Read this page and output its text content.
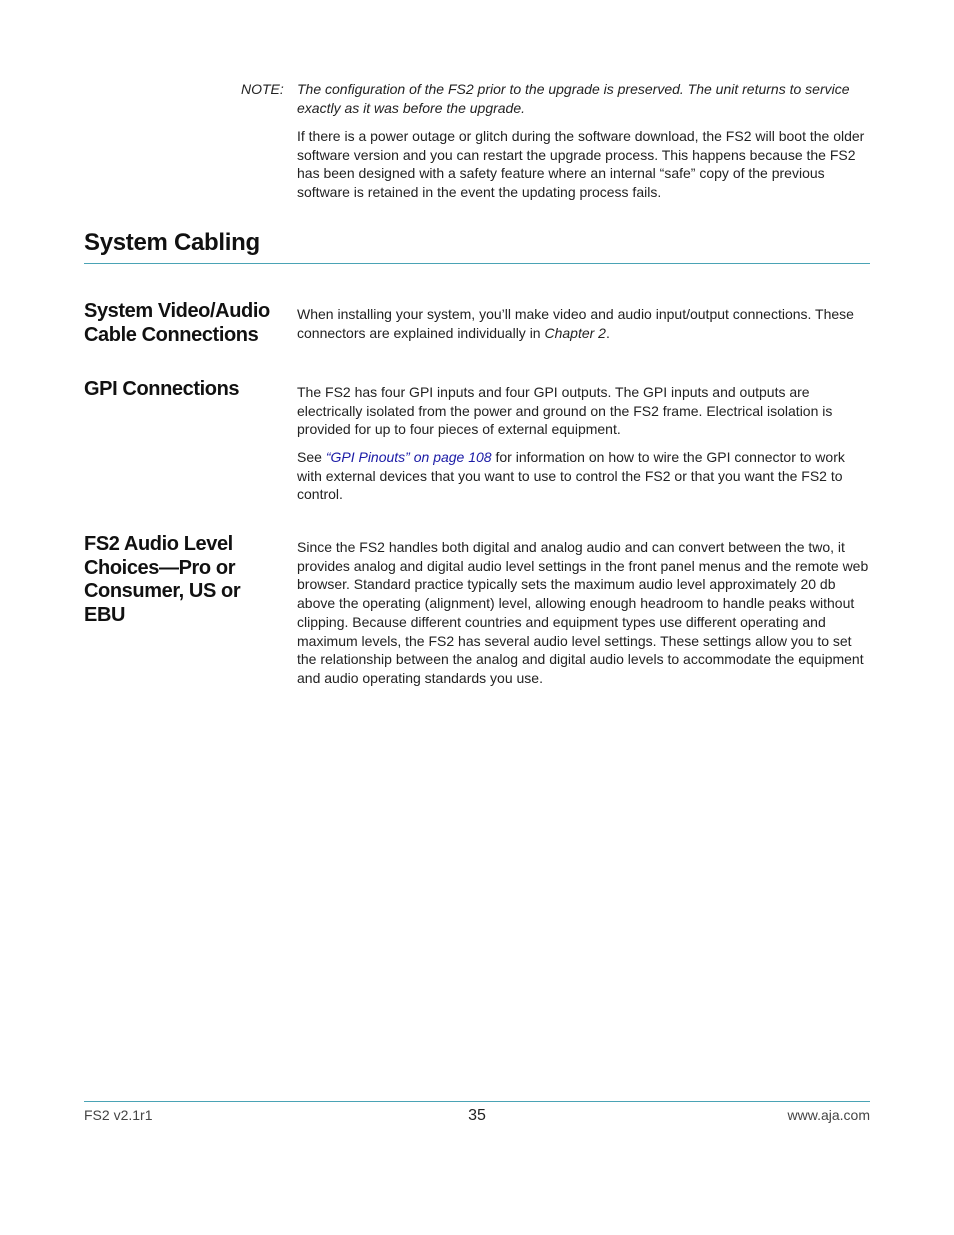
NOTE: The configuration of the FS2 prior to the upgrade is preserved. The unit returns to service exactly as it was before the upgrade.
If there is a power outage or glitch during the software download, the FS2 will boot the older software version and you can restart the upgrade process. This happens because the FS2 has been designed with a safety feature where an internal “safe” copy of the previous software is retained in the event the updating process fails.
System Cabling
System Video/Audio Cable Connections
When installing your system, you’ll make video and audio input/output connections. These connectors are explained individually in Chapter 2.
GPI Connections	The FS2 has four GPI inputs and four GPI outputs. The GPI inputs and outputs are electrically isolated from the power and ground on the FS2 frame. Electrical isolation is provided for up to four pieces of external equipment.
See “GPI Pinouts” on page 108 for information on how to wire the GPI connector to work with external devices that you want to use to control the FS2 or that you want the FS2 to control.
FS2 Audio Level Choices—Pro or Consumer, US or EBU
Since the FS2 handles both digital and analog audio and can convert between the two, it provides analog and digital audio level settings in the front panel menus and the remote web browser. Standard practice typically sets the maximum audio level approximately 20 db above the operating (alignment) level, allowing enough headroom to handle peaks without clipping. Because different countries and equipment types use different operating and maximum levels, the FS2 has several audio level settings. These settings allow you to set the relationship between the analog and digital audio levels to accommodate the equipment and audio operating standards you use.
FS2 v2.1r1	35	www.aja.com
